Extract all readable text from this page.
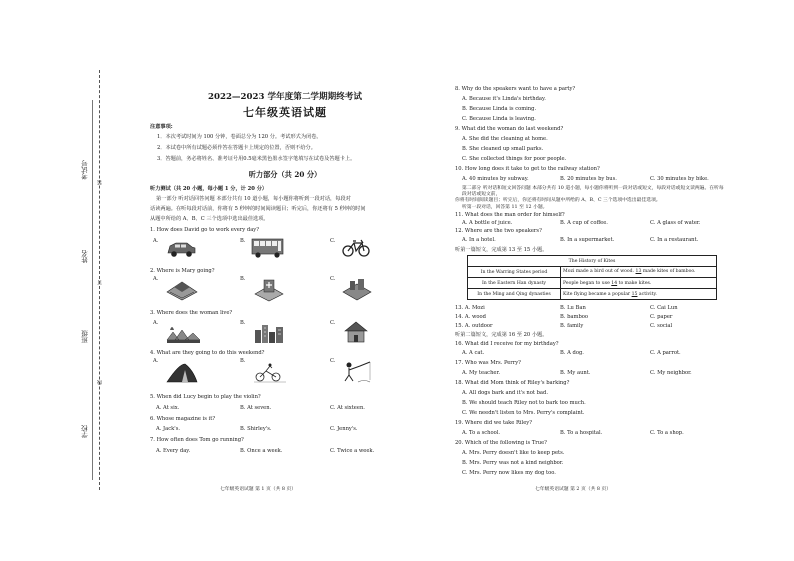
考试号
姓名
班级
学校
装
订
线
2022—2023 学年度第二学期期终考试
七年级英语试题
注意事项:
1．本次考试时间为 100 分钟，卷面总分为 120 分。考试形式为闭卷。
2．本试卷中所有试题必须作答在答题卡上规定的位置，否则不给分。
3．答题前，务必将姓名、准考证号用0.5毫米黑色墨水签字笔填写在试卷及答题卡上。
听力部分（共 20 分）
听力测试（共 20 小题，每小题 1 分，计 20 分）
第一部分 听对话回答问题 本部分共有 10 道小题，每小题你将听到一段对话，每段对
话读两遍。在听每段对话前，你将有 5 秒钟的时间阅读题目；听完后，你还将有 5 秒钟的时间
从题中所给的 A、B、C 三个选项中选出最佳选项。
1. How does David go to work every day?
A.	B.	C.
2. Where is Mary going?
A.	B.	C.
3. Where does the woman live?
A.	B.	C.
4. What are they going to do this weekend?
A.	B.	C.
5. When did Lucy begin to play the violin?
A. At six.	B. At seven.	C. At sixteen.
6. Whose magazine is it?
A. Jack's.	B. Shirley's.	C. Jenny's.
7. How often does Tom go running?
A. Every day.	B. Once a week.	C. Twice a week.
七年级英语试题 第 1 页（共 8 页）
8. Why do the speakers want to have a party?
A. Because it's Linda's birthday.
B. Because Linda is coming.
C. Because Linda is leaving.
9. What did the woman do last weekend?
A. She did the cleaning at home.
B. She cleaned up small parks.
C. She collected things for poor people.
10. How long does it take to get to the railway station?
A. 40 minutes by subway.	B. 20 minutes by bus.	C. 30 minutes by bike.
第二部分 听对话和短文回答问题 本部分共有 10 道小题，每小题你将听到一段对话或短文，每段对话或短文读两遍。在听每段对话或短文前，
你将有时间阅读题目；听完后，你还将有时间从题中所给的 A、B、C 三个选项中选出最佳选项。
听第一段对话，回答第 11 至 12 小题。
11. What does the man order for himself?
A. A bottle of juice.	B. A cup of coffee.	C. A glass of water.
12. Where are the two speakers?
A. In a hotel.	B. In a supermarket.	C. In a restaurant.
听第一篇短文，完成第 13 至 15 小题。
The History of Kites	
In the Warring States period	Mozi made a bird out of wood. 13 made kites of bamboo.
In the Eastern Han dynasty	People began to use 14 to make kites.
In the Ming and Qing dynasties	Kite flying became a popular 15 activity.
13. A. Mozi	B. Lu Ban	C. Cai Lun
14. A. wood	B. bamboo	C. paper
15. A. outdoor	B. family	C. social
听第二篇短文，完成第 16 至 20 小题。
16. What did I receive for my birthday?
A. A cat.	B. A dog.	C. A parrot.
17. Who was Mrs. Perry?
A. My teacher.	B. My aunt.	C. My neighbor.
18. What did Mom think of Riley's barking?
A. All dogs bark and it's not bad.
B. We should teach Riley not to bark too much.
C. We needn't listen to Mrs. Perry's complaint.
19. Where did we take Riley?
A. To a school.	B. To a hospital.	C. To a shop.
20. Which of the following is True?
A. Mrs. Perry doesn't like to keep pets.
B. Mrs. Perry was not a kind neighbor.
C. Mrs. Perry now likes my dog too.
七年级英语试题 第 2 页（共 8 页）
